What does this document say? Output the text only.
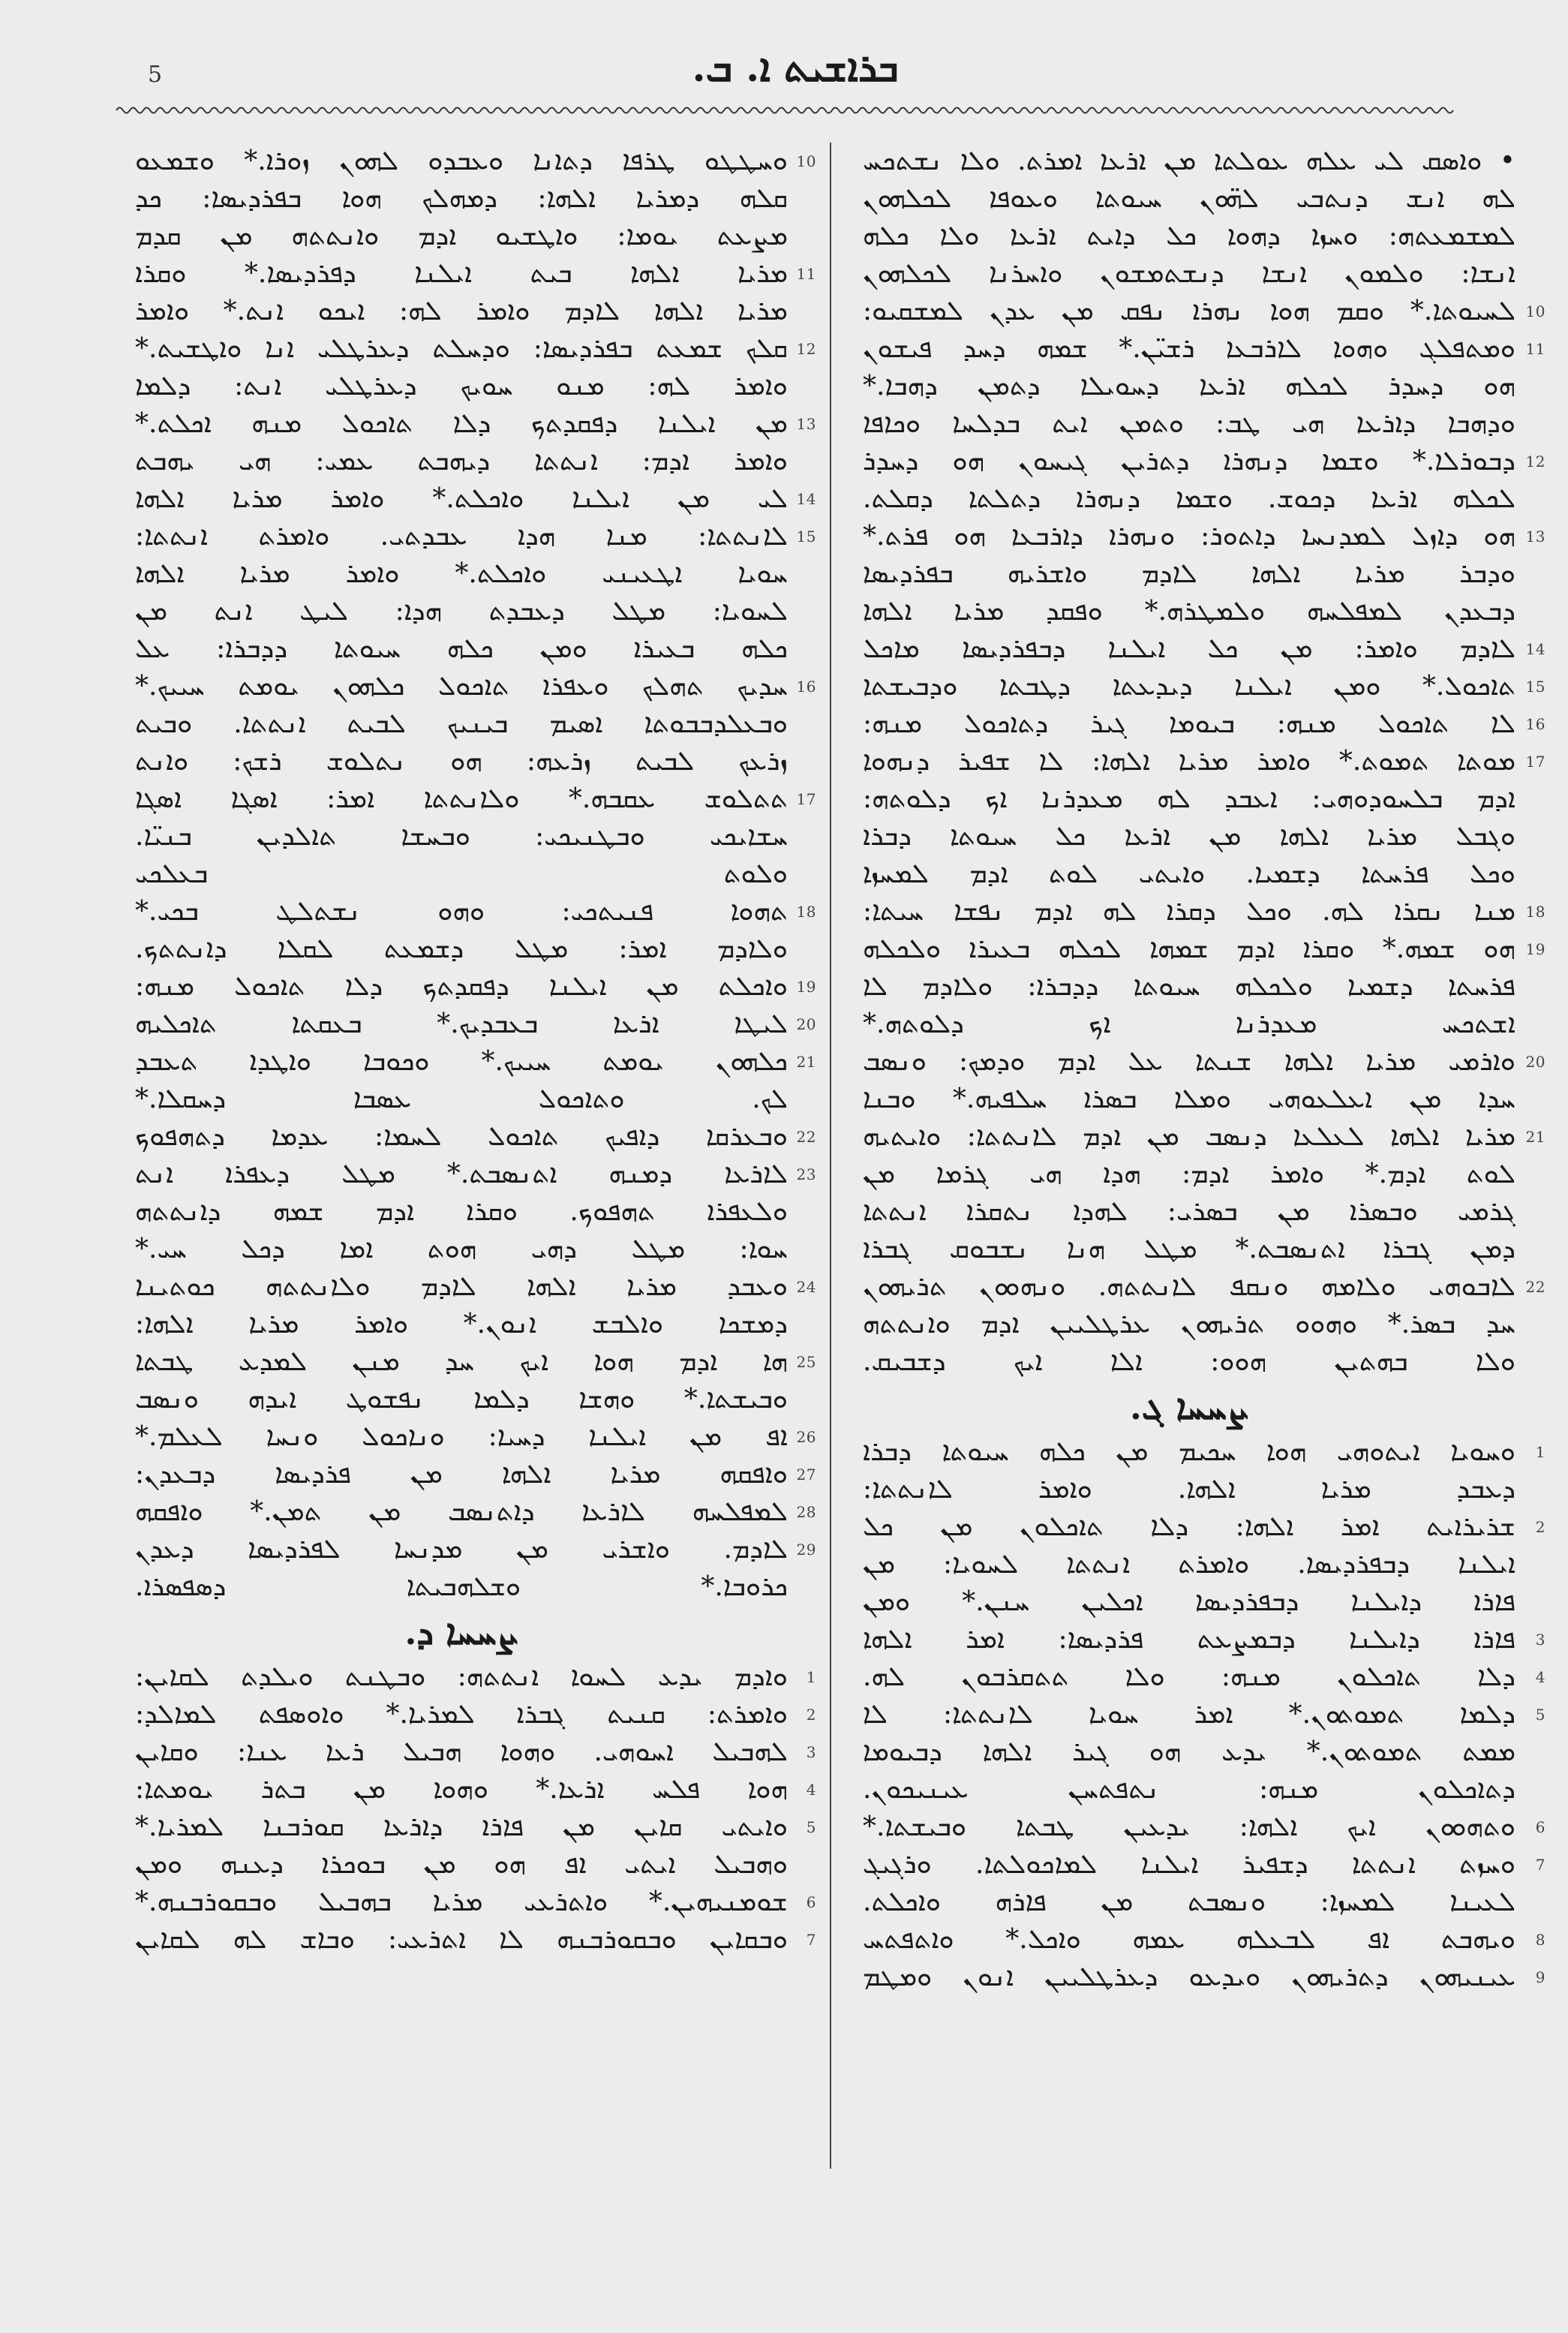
5	ܒܪܐܫܝܬ ܐ. ܒ.
• ܘܐܣܩ ܠܝ ܥܠܗ ܥܘܠܬܐ ܡܢ ܐܪܥܐ ܐܡܪܬ. ܘܠܐ ܢܫܬܟܚ
ܠܗ ܐܢܫ ܕܢܬܒܝ ܠܗ̈ܘܢ ܚܝܘܬܐ ܘܥܘܦܐ ܠܟܠܗܘܢ
ܠܡܫܡܥܬܗ: ܘܚܙܐ ܕܗܘܐ ܟܠ ܕܐܝܬ ܐܪܥܐ ܘܠܐ ܟܠܗ
ܐܢܫܐ: ܘܠܡܘܢ ܐܢܫܐ ܕܢܫܬܡܫܘܢ ܘܐܚܪܢܐ ܠܟܠܗܘܢ
ܠܚܝܘܬܐ.* ܘܩܡ ܗܘܐ ܢܗܪܐ ܢܦܩ ܡܢ ܥܕܢ ܠܡܫܩܝܘ: 10
ܘܡܬܦܠܓ ܘܗܘܐ ܠܐܪܒܥܐ ܪܫܝ̈ܢ.* ܫܡܗ ܕܚܕ ܦܝܫܘܢ 11
ܗܘ ܕܚܕܪ ܠܟܠܗ ܐܪܥܐ ܕܚܘܝܠܐ ܕܬܡܢ ܕܗܒܐ.*
ܘܕܗܒܐ ܕܐܪܥܐ ܗܝ ܛܒ: ܘܬܡܢ ܐܝܬ ܒܕܠܚܐ ܘܟܐܦܐ
ܕܒܘܪܠܐ.* ܘܫܡܐ ܕܢܗܪܐ ܕܬܪܝܢ ܓܝܚܘܢ ܗܘ ܕܚܕܪ 12
ܠܟܠܗ ܐܪܥܐ ܕܟܘܫ. ܘܫܡܐ ܕܢܗܪܐ ܕܬܠܬܐ ܕܩܠܬ.
ܗܘ ܕܐܙܠ ܠܡܕܢܚܐ ܕܐܬܘܪ: ܘܢܗܪܐ ܕܐܪܒܥܐ ܗܘ ܦܪܬ.* 13
ܘܕܒܪ ܡܪܝܐ ܐܠܗܐ ܠܐܕܡ ܘܐܫܪܝܗ ܒܦܪܕܝܣܐ
ܕܒܥܕܢ ܠܡܦܠܚܗ ܘܠܡܛܪܗ.* ܘܦܩܕ ܡܪܝܐ ܐܠܗܐ
ܠܐܕܡ ܘܐܡܪ: ܡܢ ܟܠ ܐܝܠܢܐ ܕܒܦܪܕܝܣܐ ܡܐܟܠ 14
ܬܐܟܘܠ.* ܘܡܢ ܐܝܠܢܐ ܕܝܕܥܬܐ ܕܛܒܬܐ ܘܕܒܝܫܬܐ 15
ܠܐ ܬܐܟܘܠ ܡܢܗ: ܒܝܘܡܐ ܓܝܪ ܕܬܐܟܘܠ ܡܢܗ: 16
ܡܘܬܐ ܬܡܘܬ.* ܘܐܡܪ ܡܪܝܐ ܐܠܗܐ: ܠܐ ܫܦܝܪ ܕܢܗܘܐ 17
ܐܕܡ ܒܠܚܘܕܘܗܝ: ܐܥܒܕ ܠܗ ܡܥܕܪܢܐ ܐܟ ܕܠܘܬܗ:
ܘܓܒܠ ܡܪܝܐ ܐܠܗܐ ܡܢ ܐܪܥܐ ܟܠ ܚܝܘܬܐ ܕܒܪܐ
ܘܟܠ ܦܪܚܬܐ ܕܫܡܝܐ. ܘܐܝܬܝ ܠܘܬ ܐܕܡ ܠܡܚܙܐ
ܡܢܐ ܢܩܪܐ ܠܗ. ܘܟܠ ܕܩܪܐ ܠܗ ܐܕܡ ܢܦܫܐ ܚܝܬܐ: 18
ܗܘ ܫܡܗ.* ܘܩܪܐ ܐܕܡ ܫܡܗܐ ܠܟܠܗ ܒܥܝܪܐ ܘܠܟܠܗ 19
ܦܪܚܬܐ ܕܫܡܝܐ ܘܠܟܠܗ ܚܝܘܬܐ ܕܕܒܪܐ: ܘܠܐܕܡ ܠܐ
ܐܫܬܟܚ ܡܥܕܪܢܐ ܐܟ ܕܠܘܬܗ.*
ܘܐܪܡܝ ܡܪܝܐ ܐܠܗܐ ܫܢܬܐ ܥܠ ܐܕܡ ܘܕܡܟ: ܘܢܣܒ 20
ܚܕܐ ܡܢ ܐܥܠܥܘܗܝ ܘܡܠܐ ܒܣܪܐ ܚܠܦܝܗ.* ܘܒܢܐ
ܡܪܝܐ ܐܠܗܐ ܠܥܠܥܐ ܕܢܣܒ ܡܢ ܐܕܡ ܠܐܢܬܬܐ: ܘܐܝܬܝܗ 21
ܠܘܬ ܐܕܡ.* ܘܐܡܪ ܐܕܡ: ܗܕܐ ܗܝ ܓܪܡܐ ܡܢ
ܓܪܡܝ ܘܒܣܪܐ ܡܢ ܒܣܪܝ: ܠܗܕܐ ܢܬܩܪܐ ܐܢܬܬܐ
ܕܡܢ ܓܒܪܐ ܐܬܢܣܒܬ.* ܡܛܠ ܗܢܐ ܢܫܒܘܩ ܓܒܪܐ
ܠܐܒܘܗܝ ܘܠܐܡܗ ܘܢܩܦ ܠܐܢܬܬܗ. ܘܢܗܘܘܢ ܬܪܝܗܘܢ 22
ܚܕ ܒܣܪ.* ܘܗܘܘ ܬܪܝܗܘܢ ܥܪܛܠܝܝܢ ܐܕܡ ܘܐܢܬܬܗ
ܘܠܐ ܒܗܬܝܢ ܗܘܘ: ܐܠܐ ܐܝܟ ܕܫܒܝܩ.
ܨܚܚܐ ܓ.
ܘܚܘܝܐ ܐܝܬܘܗܝ ܗܘܐ ܚܟܝܡ ܡܢ ܟܠܗ ܚܝܘܬܐ ܕܒܪܐ 1
ܕܥܒܕ ܡܪܝܐ ܐܠܗܐ. ܘܐܡܪ ܠܐܢܬܬܐ:
ܫܪܝܪܐܝܬ ܐܡܪ ܐܠܗܐ: ܕܠܐ ܬܐܟܠܘܢ ܡܢ ܟܠ 2
ܐܝܠܢܐ ܕܒܦܪܕܝܣܐ. ܘܐܡܪܬ ܐܢܬܬܐ ܠܚܘܝܐ: ܡܢ
ܦܐܪܐ ܕܐܝܠܢܐ ܕܒܦܪܕܝܣܐ ܐܟܠܝܢ ܚܢܢ.* ܘܡܢ
ܦܐܪܐ ܕܐܝܠܢܐ ܕܒܡܨܥܬ ܦܪܕܝܣܐ: ܐܡܪ ܐܠܗܐ 3
ܕܠܐ ܬܐܟܠܘܢ ܡܢܗ: ܘܠܐ ܬܬܩܪܒܘܢ ܠܗ. 4
ܕܠܡܐ ܬܡܘܬܘܢ.* ܐܡܪ ܚܘܝܐ ܠܐܢܬܬܐ: ܠܐ 5
ܡܡܬ ܬܡܘܬܘܢ.* ܝܕܥ ܗܘ ܓܝܪ ܐܠܗܐ ܕܒܝܘܡܐ
ܕܬܐܟܠܘܢ ܡܢܗ: ܢܬܦܬܚܢ ܥܝܢܝܟܘܢ.
ܘܬܗܘܘܢ ܐܝܟ ܐܠܗܐ: ܝܕܥܝܢ ܛܒܬܐ ܘܒܝܫܬܐ.* 6
ܘܚܙܬ ܐܢܬܬܐ ܕܫܦܝܪ ܐܝܠܢܐ ܠܡܐܟܘܠܬܐ. ܘܪܓܝܓ 7
ܠܥܝܢܐ ܠܡܚܙܐ: ܘܢܣܒܬ ܡܢ ܦܐܪܗ ܘܐܟܠܬ.
ܘܝܗܒܬ ܐܦ ܠܒܥܠܗ ܥܡܗ ܘܐܟܠ.* ܘܐܬܦܬܚ 8
ܥܝܢܝܗܘܢ ܕܬܪܝܗܘܢ ܘܝܕܥܘ ܕܥܪܛܠܝܝܢ ܐܢܘܢ ܘܡܛܡ 9
ܘܚܛܛܘ ܛܪܦܐ ܕܬܐܢܐ ܘܥܒܕܘ ܠܗܘܢ ܙܘܪܐ.* ܘܫܡܥܘ 10
ܩܠܗ ܕܡܪܝܐ ܐܠܗܐ: ܕܡܗܠܟ ܗܘܐ ܒܦܪܕܝܣܐ: ܟܕ
ܡܨܥܬ ܝܘܡܐ: ܘܐܛܫܝܘ ܐܕܡ ܘܐܢܬܬܗ ܡܢ ܩܕܡ
ܡܪܝܐ ܐܠܗܐ ܒܝܬ ܐܝܠܢܐ ܕܦܪܕܝܣܐ.* ܘܩܪܐ 11
ܡܪܝܐ ܐܠܗܐ ܠܐܕܡ ܘܐܡܪ ܠܗ: ܐܝܟܘ ܐܢܬ.* ܘܐܡܪ
ܩܠܟ ܫܡܥܬ ܒܦܪܕܝܣܐ: ܘܕܚܠܬ ܕܥܪܛܠܝ ܐܢܐ ܘܐܛܫܝܬ.* 12
ܘܐܡܪ ܠܗ: ܡܢܘ ܚܘܝܟ ܕܥܪܛܠܝ ܐܢܬ: ܕܠܡܐ
ܡܢ ܐܝܠܢܐ ܕܦܩܕܬܟ ܕܠܐ ܬܐܟܘܠ ܡܢܗ ܐܟܠܬ.* 13
ܘܐܡܪ ܐܕܡ: ܐܢܬܬܐ ܕܝܗܒܬ ܥܡܝ: ܗܝ ܝܗܒܬ
ܠܝ ܡܢ ܐܝܠܢܐ ܘܐܟܠܬ.* ܘܐܡܪ ܡܪܝܐ ܐܠܗܐ 14
ܠܐܢܬܬܐ: ܡܢܐ ܗܕܐ ܥܒܕܬܝ. ܘܐܡܪܬ ܐܢܬܬܐ: 15
ܚܘܝܐ ܐܛܥܝܢܝ ܘܐܟܠܬ.* ܘܐܡܪ ܡܪܝܐ ܐܠܗܐ
ܠܚܘܝܐ: ܡܛܠ ܕܥܒܕܬ ܗܕܐ: ܠܝܛ ܐܢܬ ܡܢ
ܟܠܗ ܒܥܝܪܐ ܘܡܢ ܟܠܗ ܚܝܘܬܐ ܕܕܒܪܐ: ܥܠ
ܚܕܝܟ ܬܗܠܟ ܘܥܦܪܐ ܬܐܟܘܠ ܟܠܗܘܢ ܝܘܡܬ ܚܝܝܟ.* 16
ܘܒܥܠܕܒܒܘܬܐ ܐܣܝܡ ܒܝܢܝܟ ܠܒܝܬ ܐܢܬܬܐ. ܘܒܝܬ
ܙܪܥܟ ܠܒܝܬ ܙܪܥܗ: ܗܘ ܢܬܠܘܫ ܪܫܟ: ܘܐܢܬ
ܬܬܠܘܫ ܥܩܒܗ.* ܘܠܐܢܬܬܐ ܐܡܪ: ܐܣܓܐ ܐܣܓܐ 17
ܚܫܐܝܟܝ ܘܒܛܢܝܟܝ: ܘܒܚܫܐ ܬܐܠܕܝܢ ܒܢܝ̈ܐ.
ܘܠܘܬ ܒܥܠܟܝ
ܬܗܘܐ ܦܢܝܬܟܝ: ܘܗܘ ܢܫܬܠܛ ܒܟܝ.* 18
ܘܠܐܕܡ ܐܡܪ: ܡܛܠ ܕܫܡܥܬ ܠܩܠܐ ܕܐܢܬܬܟ.
ܘܐܟܠܬ ܡܢ ܐܝܠܢܐ ܕܦܩܕܬܟ ܕܠܐ ܬܐܟܘܠ ܡܢܗ: 19
ܠܝܛܐ ܐܪܥܐ ܒܥܒܕܝܟ.* ܒܥܩܬܐ ܬܐܟܠܝܗ 20
ܟܠܗܘܢ ܝܘܡܬ ܚܝܝܟ.* ܘܟܘܒܐ ܘܐܛܕܐ ܬܥܒܕ 21
ܠܟ. ܘܬܐܟܘܠ ܥܣܒܐ ܕܚܩܠܐ.*
ܘܒܥܪܩܐ ܕܐܦܝܟ ܬܐܟܘܠ ܠܚܡܐ: ܥܕܡܐ ܕܬܗܦܘܟ 22
ܠܐܪܥܐ ܕܡܢܗ ܐܬܢܣܒܬ.* ܡܛܠ ܕܥܦܪܐ ܐܢܬ 23
ܘܠܥܦܪܐ ܬܗܦܘܟ. ܘܩܪܐ ܐܕܡ ܫܡܗ ܕܐܢܬܬܗ
ܚܘܐ: ܡܛܠ ܕܗܝ ܗܘܬ ܐܡܐ ܕܟܠ ܚܝ.*
ܘܥܒܕ ܡܪܝܐ ܐܠܗܐ ܠܐܕܡ ܘܠܐܢܬܬܗ ܟܘܬܝܢܐ 24
ܕܡܫܟܐ ܘܐܠܒܫ ܐܢܘܢ.* ܘܐܡܪ ܡܪܝܐ ܐܠܗܐ:
ܗܐ ܐܕܡ ܗܘܐ ܐܝܟ ܚܕ ܡܢܢ ܠܡܕܥ ܛܒܬܐ 25
ܘܒܝܫܬܐ.* ܘܗܫܐ ܕܠܡܐ ܢܦܫܘܛ ܐܝܕܗ ܘܢܣܒ
ܐܦ ܡܢ ܐܝܠܢܐ ܕܚܝܐ: ܘܢܐܟܘܠ ܘܢܚܐ ܠܥܠܡ.* 26
ܘܐܦܩܗ ܡܪܝܐ ܐܠܗܐ ܡܢ ܦܪܕܝܣܐ ܕܒܥܕܢ: 27
ܠܡܦܠܚܗ ܠܐܪܥܐ ܕܐܬܢܣܒ ܡܢ ܬܡܢ.* ܘܐܦܩܗ 28
ܠܐܕܡ. ܘܐܫܪܝ ܡܢ ܡܕܢܚܐ ܠܦܪܕܝܣܐ ܕܥܕܢ 29
ܟܪܘܒܐ.* ܘܫܠܗܒܝܬܐ ܕܣܦܣܪܐ.
ܨܚܚܐ ܕ.
ܘܐܕܡ ܝܕܥ ܠܚܘܐ ܐܢܬܬܗ: ܘܒܛܢܬ ܘܝܠܕܬ ܠܩܐܝܢ: 1
ܘܐܡܪܬ: ܩܢܝܬ ܓܒܪܐ ܠܡܪܝܐ.* ܘܐܘܣܦܬ ܠܡܐܠܕ: 2
ܠܗܒܝܠ ܐܚܘܗܝ. ܘܗܘܐ ܗܒܝܠ ܪܥܐ ܥܢܐ: ܘܩܐܝܢ 3
ܗܘܐ ܦܠܚ ܐܪܥܐ.* ܘܗܘܐ ܡܢ ܒܬܪ ܝܘܡܬܐ: 4
ܘܐܝܬܝ ܩܐܝܢ ܡܢ ܦܐܪܐ ܕܐܪܥܐ ܩܘܪܒܢܐ ܠܡܪܝܐ.* 5
ܘܗܒܝܠ ܐܝܬܝ ܐܦ ܗܘ ܡܢ ܒܘܟܪܐ ܕܥܢܗ ܘܡܢ
ܫܘܡܢܝܗܝܢ.* ܘܐܬܪܥܝ ܡܪܝܐ ܒܗܒܝܠ ܘܒܩܘܪܒܢܗ.* 6
ܘܒܩܐܝܢ ܘܒܩܘܪܒܢܗ ܠܐ ܐܬܪܥܝ: ܘܒܐܫ ܠܗ ܠܩܐܝܢ 7
